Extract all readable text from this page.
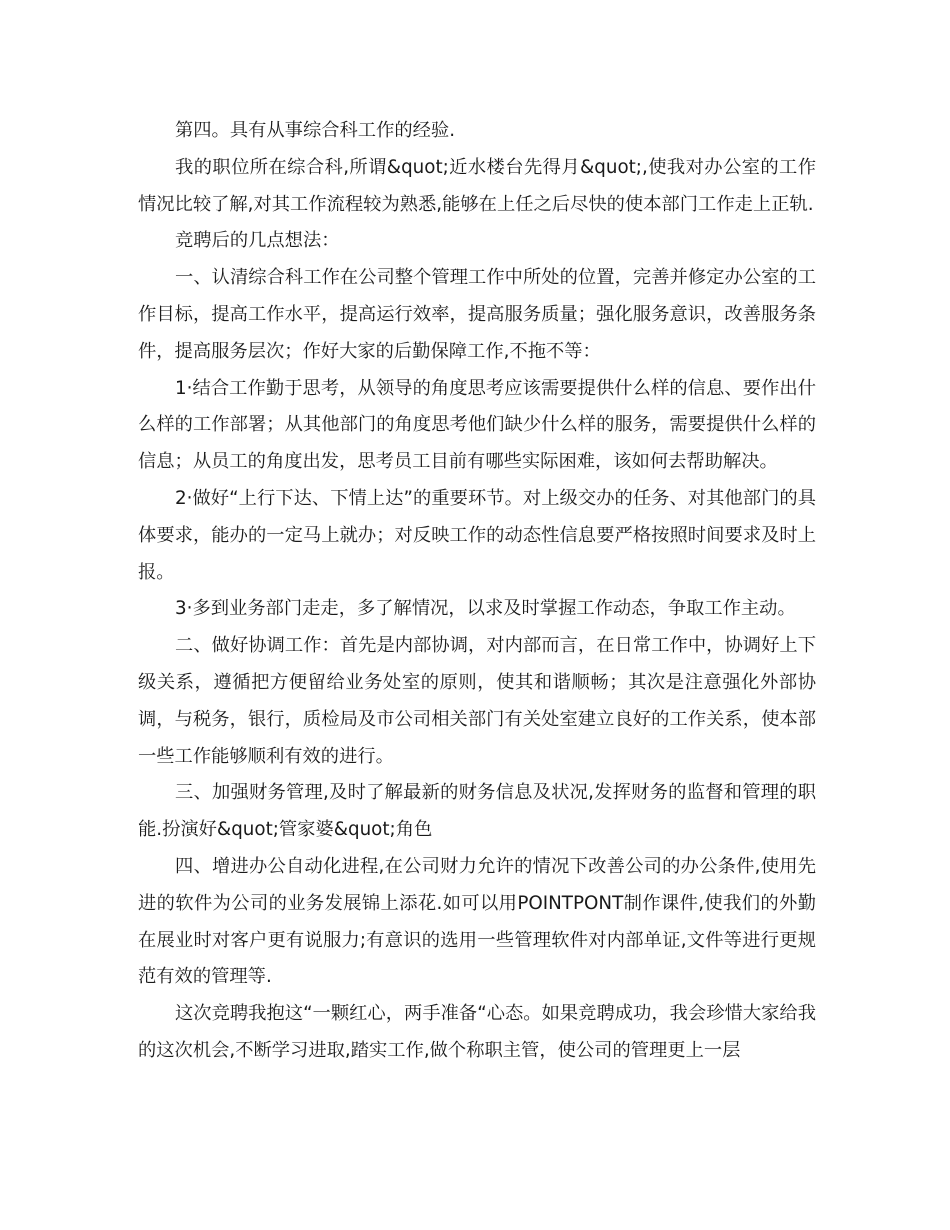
第四。具有从事综合科工作的经验.

我的职位所在综合科,所谓&quot;近水楼台先得月&quot;,使我对办公室的工作情况比较了解,对其工作流程较为熟悉,能够在上任之后尽快的使本部门工作走上正轨.

竞聘后的几点想法：

一、认清综合科工作在公司整个管理工作中所处的位置，完善并修定办公室的工作目标，提高工作水平，提高运行效率，提高服务质量；强化服务意识，改善服务条件，提高服务层次；作好大家的后勤保障工作,不拖不等：

1·结合工作勤于思考，从领导的角度思考应该需要提供什么样的信息、要作出什么样的工作部署；从其他部门的角度思考他们缺少什么样的服务，需要提供什么样的信息；从员工的角度出发，思考员工目前有哪些实际困难，该如何去帮助解决。

2·做好“上行下达、下情上达”的重要环节。对上级交办的任务、对其他部门的具体要求，能办的一定马上就办；对反映工作的动态性信息要严格按照时间要求及时上报。

3·多到业务部门走走，多了解情况，以求及时掌握工作动态，争取工作主动。

二、做好协调工作：首先是内部协调，对内部而言，在日常工作中，协调好上下级关系，遵循把方便留给业务处室的原则，使其和谐顺畅；其次是注意强化外部协调，与税务，银行，质检局及市公司相关部门有关处室建立良好的工作关系，使本部一些工作能够顺利有效的进行。

三、加强财务管理,及时了解最新的财务信息及状况,发挥财务的监督和管理的职能.扮演好&quot;管家婆&quot;角色

四、增进办公自动化进程,在公司财力允许的情况下改善公司的办公条件,使用先进的软件为公司的业务发展锦上添花.如可以用POINTPONT制作课件,使我们的外勤在展业时对客户更有说服力;有意识的选用一些管理软件对内部单证,文件等进行更规范有效的管理等.

这次竞聘我抱这“一颗红心，两手准备“心态。如果竞聘成功，我会珍惜大家给我的这次机会,不断学习进取,踏实工作,做个称职主管，使公司的管理更上一层
